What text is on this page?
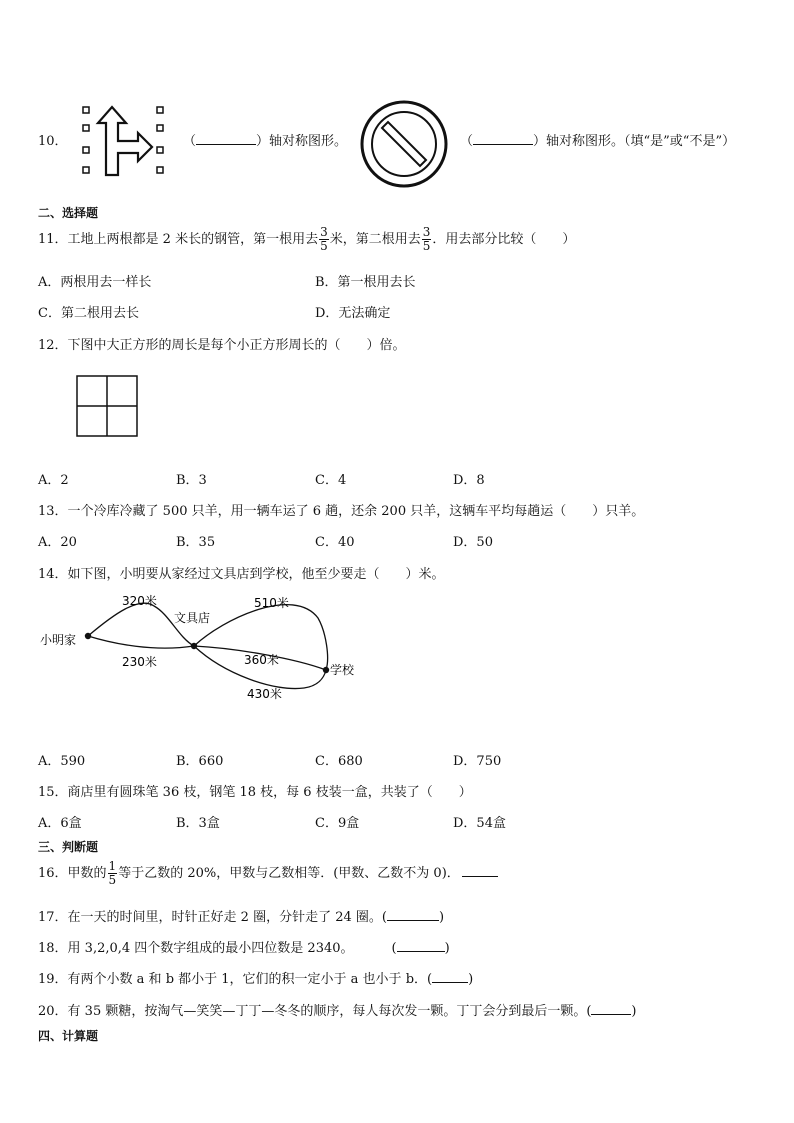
10．	（	）轴对称图形。	（	）轴对称图形。（填“是”或“不是”）
二、选择题
11．工地上两根都是 2 米长的钢管，第一根用去 $\frac{3}{5}$ 米，第二根用去 $\frac{3}{5}$ ．用去部分比较（　　）
A．两根用去一样长	B．第一根用去长
C．第二根用去长	D．无法确定
12．下图中大正方形的周长是每个小正方形周长的（　　）倍。
A．2	B．3	C．4	D．8
13．一个冷库冷藏了 500 只羊，用一辆车运了 6 趟，还余 200 只羊，这辆车平均每趟运（　　）只羊。
A．20	B．35	C．40	D．50
14．如下图，小明要从家经过文具店到学校，他至少要走（　　）米。
小明家
文具店
学校
320米
230米
510米
360米
430米
A．590	B．660	C．680	D．750
15．商店里有圆珠笔 36 枝，钢笔 18 枝，每 6 枝装一盒，共装了（　　）
A．6盒	B．3盒	C．9盒	D．54盒
三、判断题
16．甲数的 $\frac{1}{5}$ 等于乙数的 20%，甲数与乙数相等．(甲数、乙数不为 0)．
17．在一天的时间里，时针正好走 2 圈，分针走了 24 圈。(	)
18．用 3,2,0,4 四个数字组成的最小四位数是 2340。	(	)
19．有两个小数 a 和 b 都小于 1，它们的积一定小于 a 也小于 b．(	)
20．有 35 颗糖，按淘气—笑笑—丁丁—冬冬的顺序，每人每次发一颗。丁丁会分到最后一颗。(	)
四、计算题
